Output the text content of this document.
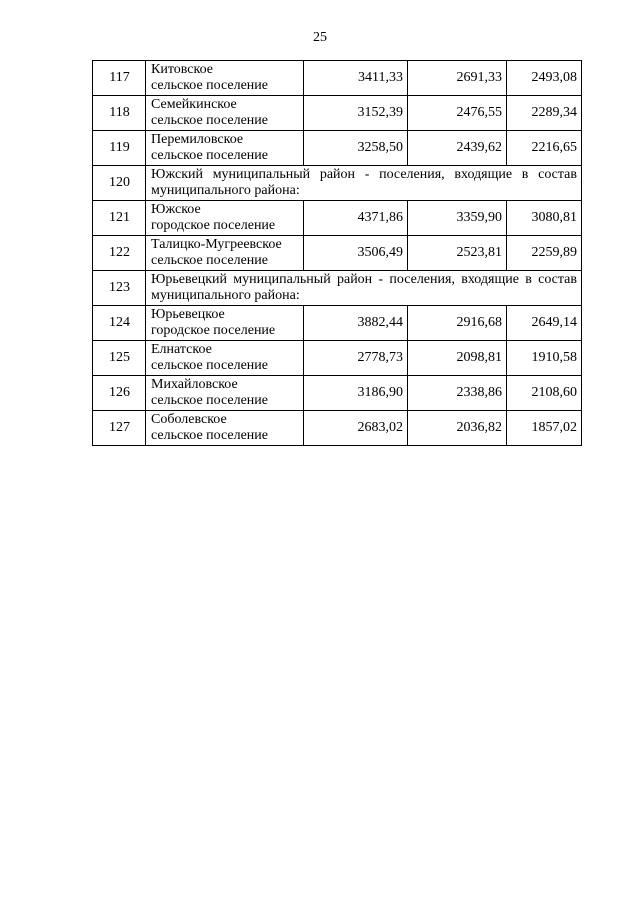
25
117	Китовское
сельское поселение	3411,33	2691,33	2493,08
118	Семейкинское
сельское поселение	3152,39	2476,55	2289,34
119	Перемиловское
сельское поселение	3258,50	2439,62	2216,65
120	Южский муниципальный район - поселения, входящие в состав муниципального района:			
121	Южское
городское поселение	4371,86	3359,90	3080,81
122	Талицко-Мугреевское
сельское поселение	3506,49	2523,81	2259,89
123	Юрьевецкий муниципальный район - поселения, входящие в состав муниципального района:			
124	Юрьевецкое
городское поселение	3882,44	2916,68	2649,14
125	Елнатское
сельское поселение	2778,73	2098,81	1910,58
126	Михайловское
сельское поселение	3186,90	2338,86	2108,60
127	Соболевское
сельское поселение	2683,02	2036,82	1857,02
